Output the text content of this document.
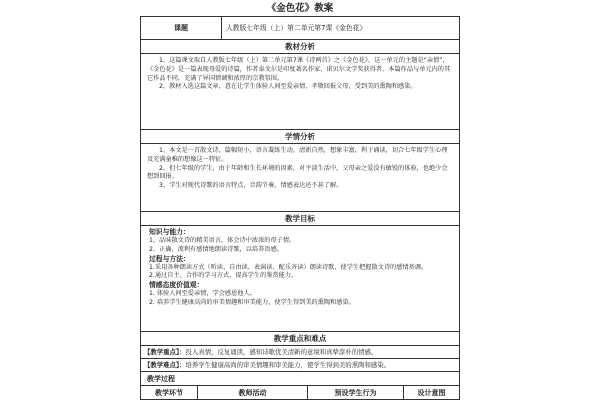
《金色花》教案
课题	人教版七年级（上）第二单元第7课《金色花》
教材分析

1、这篇课文取自人教版七年级（上）第二单元第7课《诗两首》之《金色花》，这一单元的主题是“亲情”，《金色花》是一篇表现母爱的诗篇，作者泰戈尔是印度著名作家，诺贝尔文学奖获得者。本篇作品与单元内的其它作品不同，充满了异国情调和浓厚的宗教氛围。

2、教材入选这篇文章，意在让学生体验人间至爱亲情，孝敬回报父母，受到美的熏陶和感染。

学情分析

1、本文是一首散文诗，篇幅短小，语言凝练生动，清新自然，想象丰富，利于诵读，切合七年级学生心理及充满童稚的想像这一特征。

2、但七年级的学生，由于年龄和生长环境的因素，对平淡生活中，父母亲之爱没有敏锐的体验，也绝少会想到回报。

3、学生对现代诗歌的语言特点，音韵节奏，情感表达还不甚了解。

教学目标

知识与能力：

1、品味散文诗的精美语言，体会诗中浓浓的母子情。

2、正确、流利有感情地朗读诗歌，以培养语感。

过程与方法：

1.采用各种朗读方式（听读、自由读、表演读、配乐齐读）朗读诗歌，使学生把握散文诗的感情基调。

2.通过自主、合作的学习方式，提高学生的鉴赏能力。

情感态度价值观：

1. 体验人间至爱亲情，学会感恩他人。

2. 培养学生健康高尚的审美情趣和审美能力，使学生得到美的熏陶和感染。

教学重点和难点
【教学重点】：投入真情，反复诵读，感知诗歌优美清新的意境和真挚淳朴的情感。
【教学难点】：培养学生健康高尚的审美情趣和审美能力，使学生得到美的熏陶和感染。
教学过程
教学环节	教师活动	预设学生行为	设计意图
